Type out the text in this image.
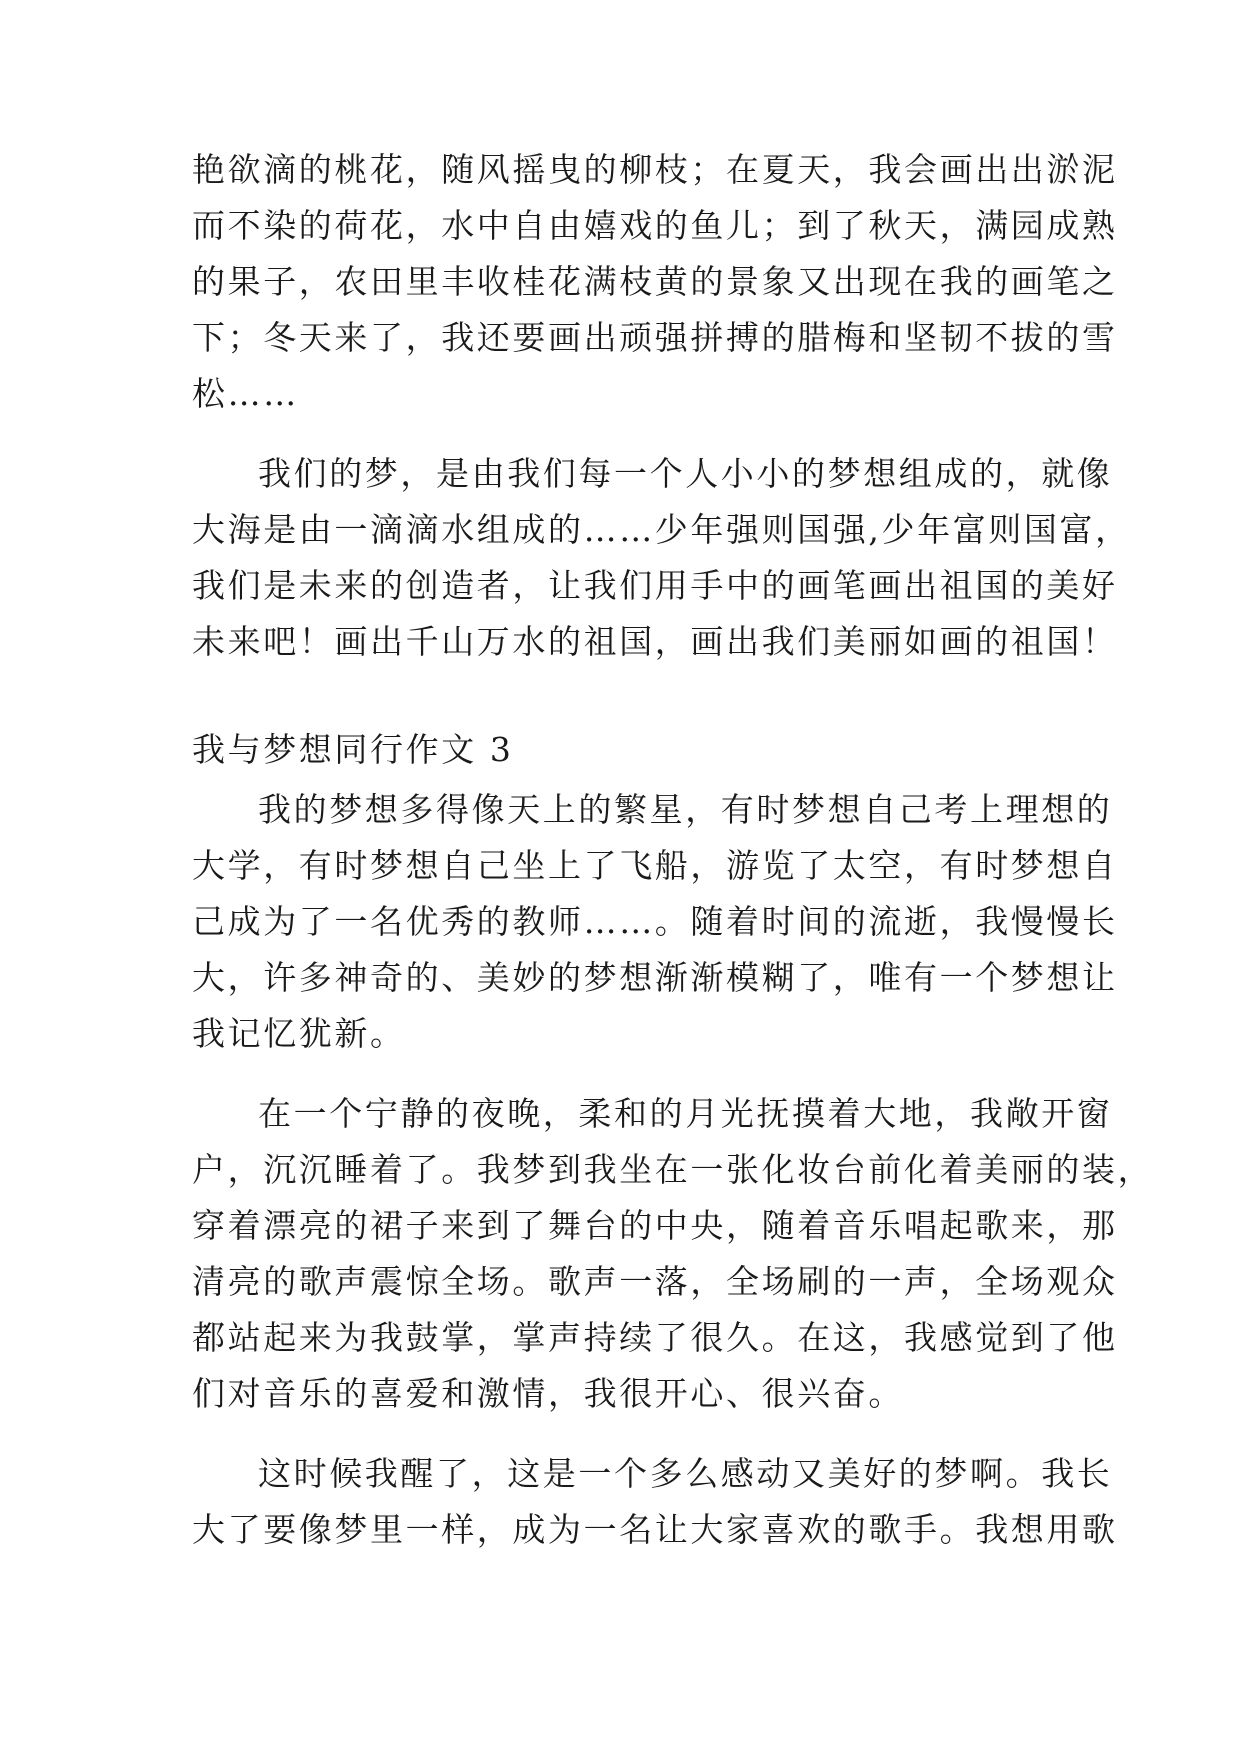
艳欲滴的桃花，随风摇曳的柳枝；在夏天，我会画出出淤泥
而不染的荷花，水中自由嬉戏的鱼儿；到了秋天，满园成熟
的果子，农田里丰收桂花满枝黄的景象又出现在我的画笔之
下；冬天来了，我还要画出顽强拼搏的腊梅和坚韧不拔的雪
松……
我们的梦，是由我们每一个人小小的梦想组成的，就像
大海是由一滴滴水组成的……少年强则国强,少年富则国富，
我们是未来的创造者，让我们用手中的画笔画出祖国的美好
未来吧！画出千山万水的祖国，画出我们美丽如画的祖国！
我与梦想同行作文 3
我的梦想多得像天上的繁星，有时梦想自己考上理想的
大学，有时梦想自己坐上了飞船，游览了太空，有时梦想自
己成为了一名优秀的教师……。随着时间的流逝，我慢慢长
大，许多神奇的、美妙的梦想渐渐模糊了，唯有一个梦想让
我记忆犹新。
在一个宁静的夜晚，柔和的月光抚摸着大地，我敞开窗
户，沉沉睡着了。我梦到我坐在一张化妆台前化着美丽的装，
穿着漂亮的裙子来到了舞台的中央，随着音乐唱起歌来，那
清亮的歌声震惊全场。歌声一落，全场刷的一声，全场观众
都站起来为我鼓掌，掌声持续了很久。在这，我感觉到了他
们对音乐的喜爱和激情，我很开心、很兴奋。
这时候我醒了，这是一个多么感动又美好的梦啊。我长
大了要像梦里一样，成为一名让大家喜欢的歌手。我想用歌
